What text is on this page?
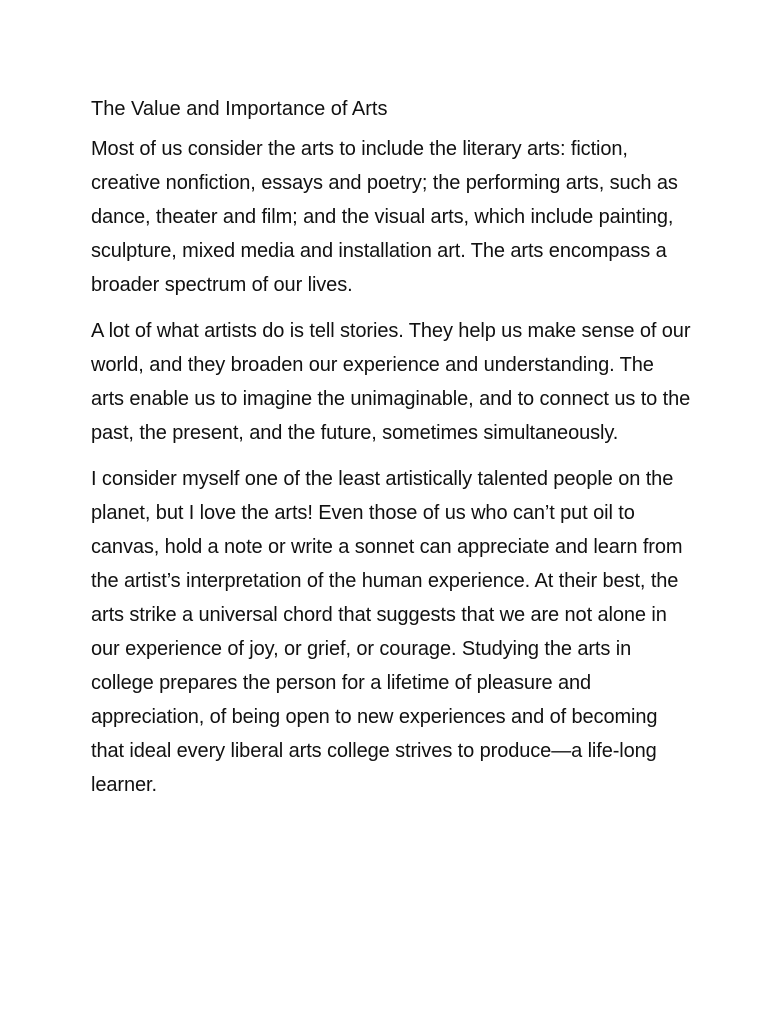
The Value and Importance of Arts

Most of us consider the arts to include the literary arts: fiction, creative nonfiction, essays and poetry; the performing arts, such as dance, theater and film; and the visual arts, which include painting, sculpture, mixed media and installation art. The arts encompass a broader spectrum of our lives.

A lot of what artists do is tell stories. They help us make sense of our world, and they broaden our experience and understanding. The arts enable us to imagine the unimaginable, and to connect us to the past, the present, and the future, sometimes simultaneously.

I consider myself one of the least artistically talented people on the planet, but I love the arts! Even those of us who can’t put oil to canvas, hold a note or write a sonnet can appreciate and learn from the artist’s interpretation of the human experience. At their best, the arts strike a universal chord that suggests that we are not alone in our experience of joy, or grief, or courage. Studying the arts in college prepares the person for a lifetime of pleasure and appreciation, of being open to new experiences and of becoming that ideal every liberal arts college strives to produce—a life-long learner.
